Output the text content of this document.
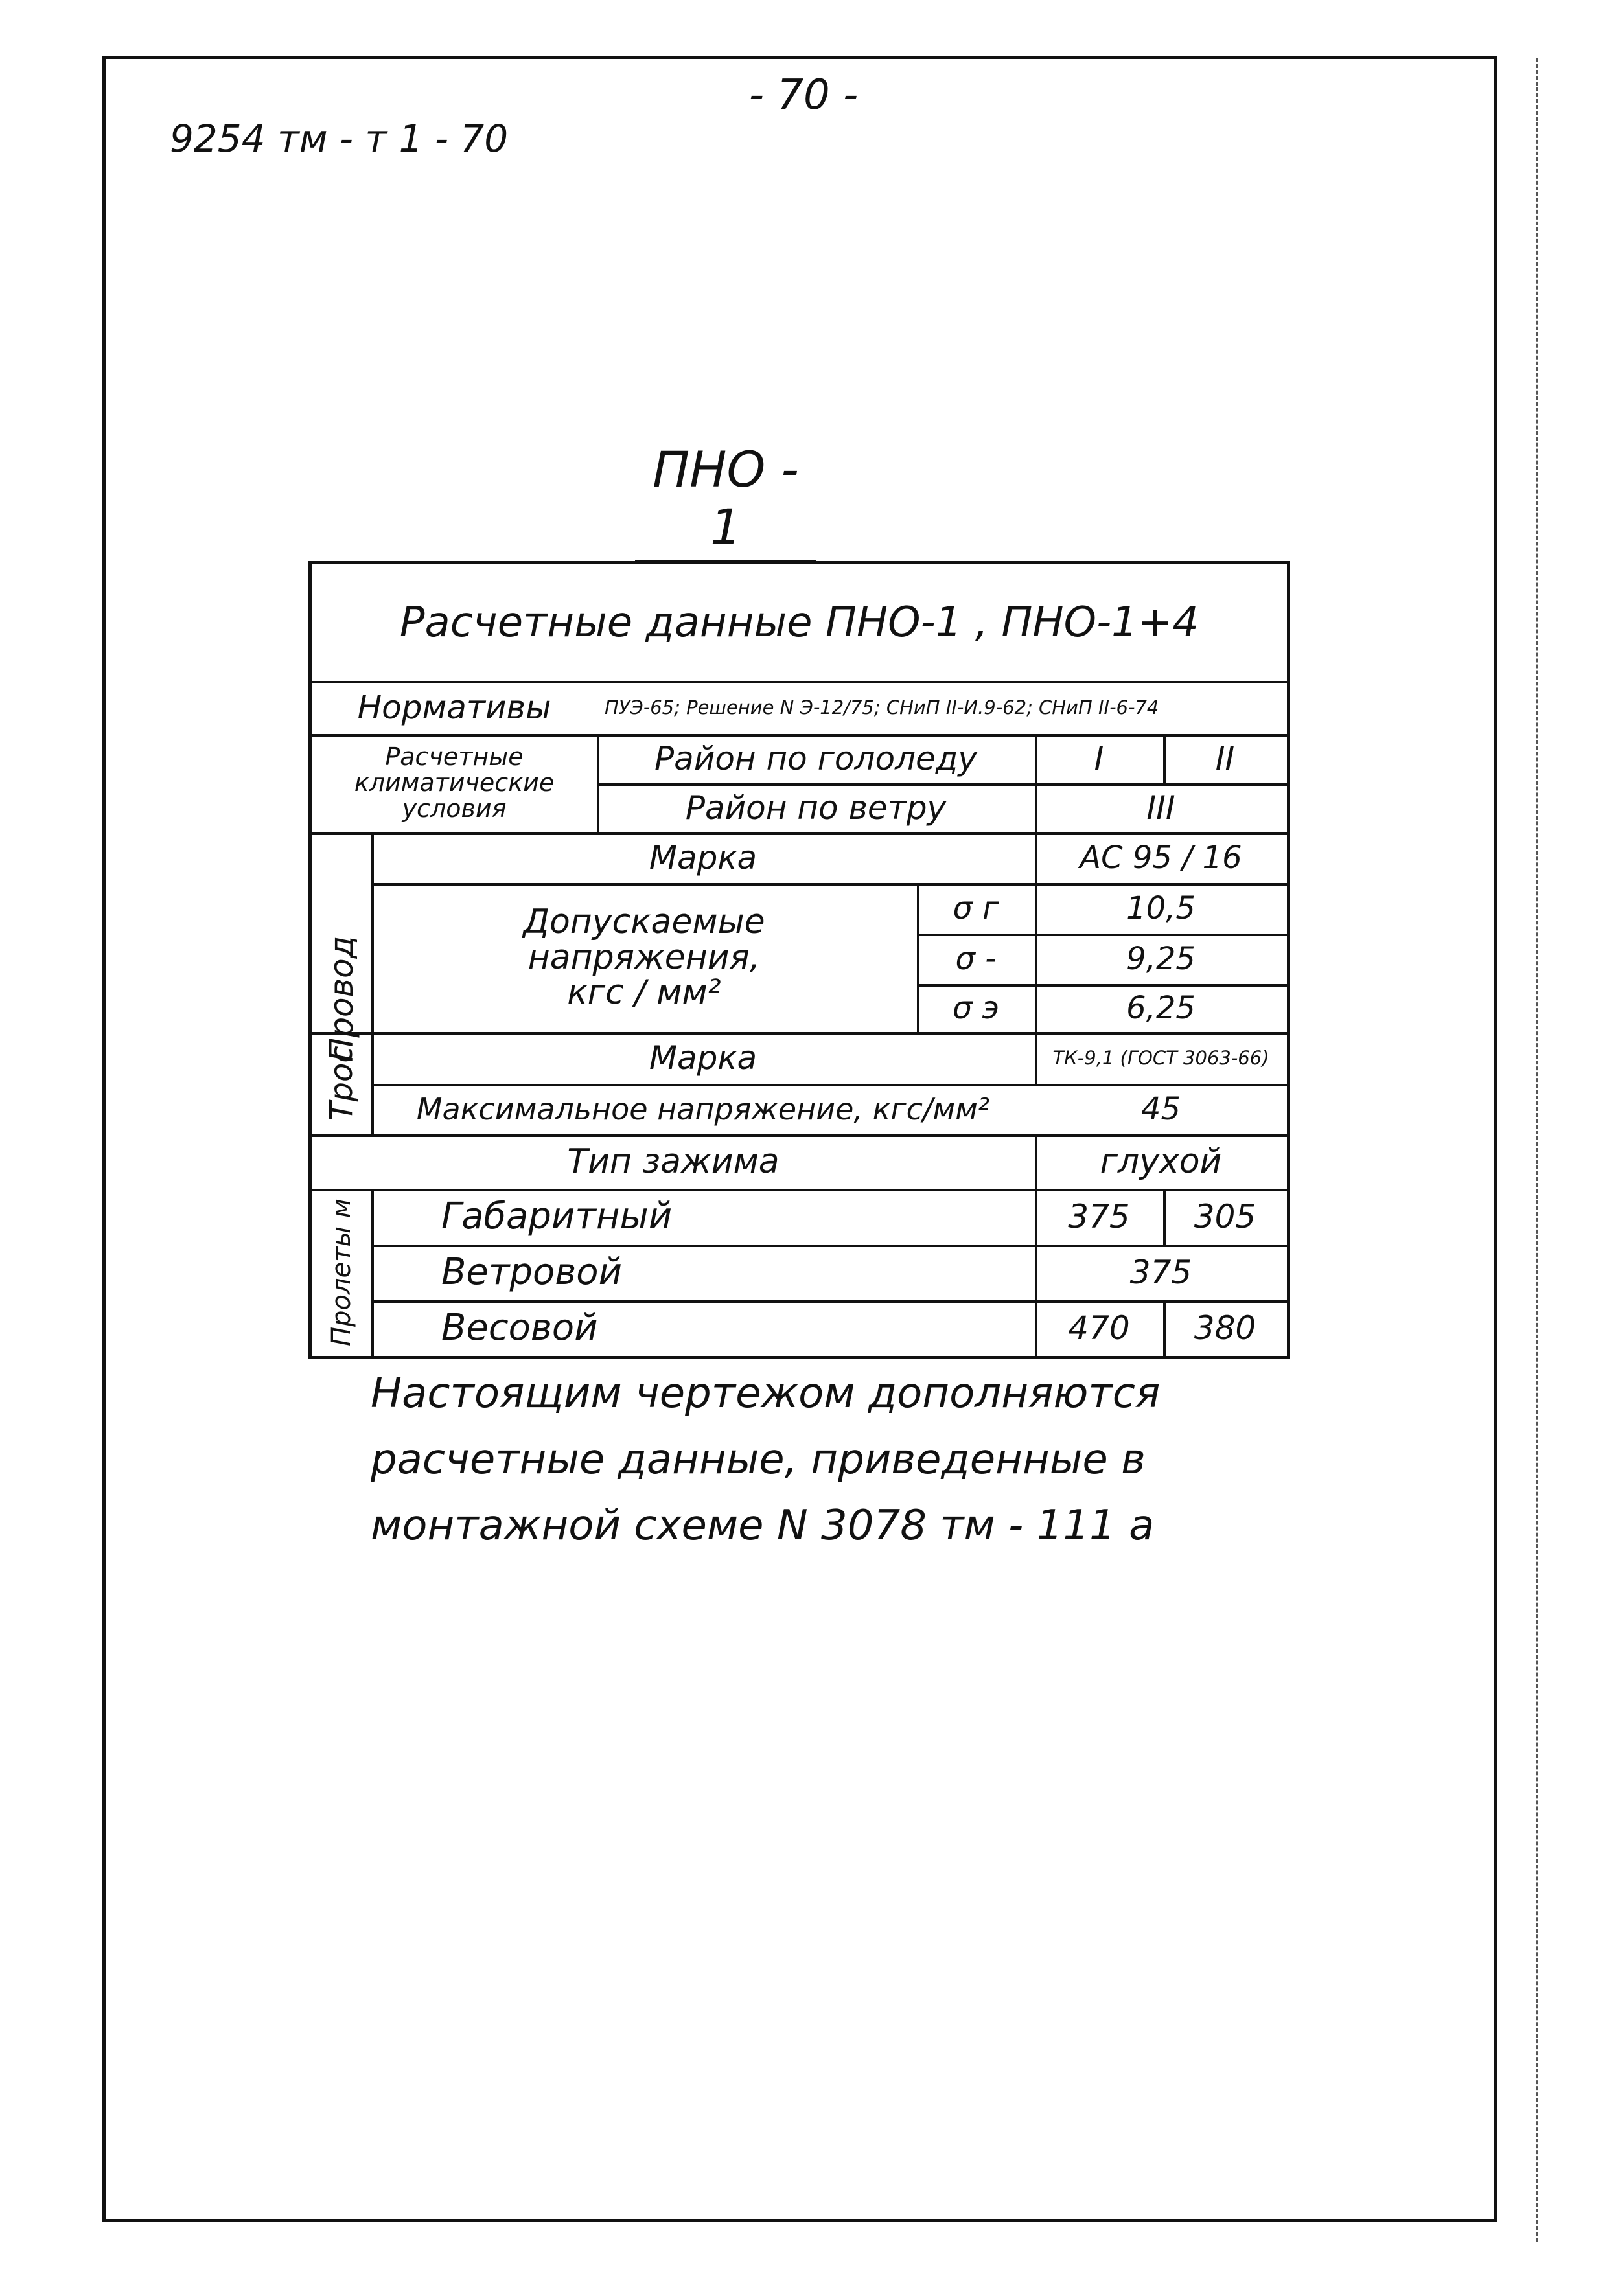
- 70 -
9254 тм - т 1 - 70
ПНО - 1
Расчетные данные ПНО-1 , ПНО-1+4
Нормативы	ПУЭ-65; Решение N Э-12/75; СНиП II-И.9-62; СНиП II-6-74
Расчетные климатические условия
Район по гололеду	I	II
Район по ветру	III
Провод
Марка	АС 95 / 16
Допускаемые
напряжения,
кгс / мм²
σ г	10,5
σ -	9,25
σ э	6,25
Трос	Марка	ТК-9,1 (ГОСТ 3063-66)
Максимальное напряжение, кгс/мм²	45
Тип зажима	глухой
Пролеты м	Габаритный	375	305
Ветровой	375
Весовой	470	380
Настоящим чертежом дополняются
расчетные данные, приведенные в
монтажной схеме N 3078 тм - 111 а
